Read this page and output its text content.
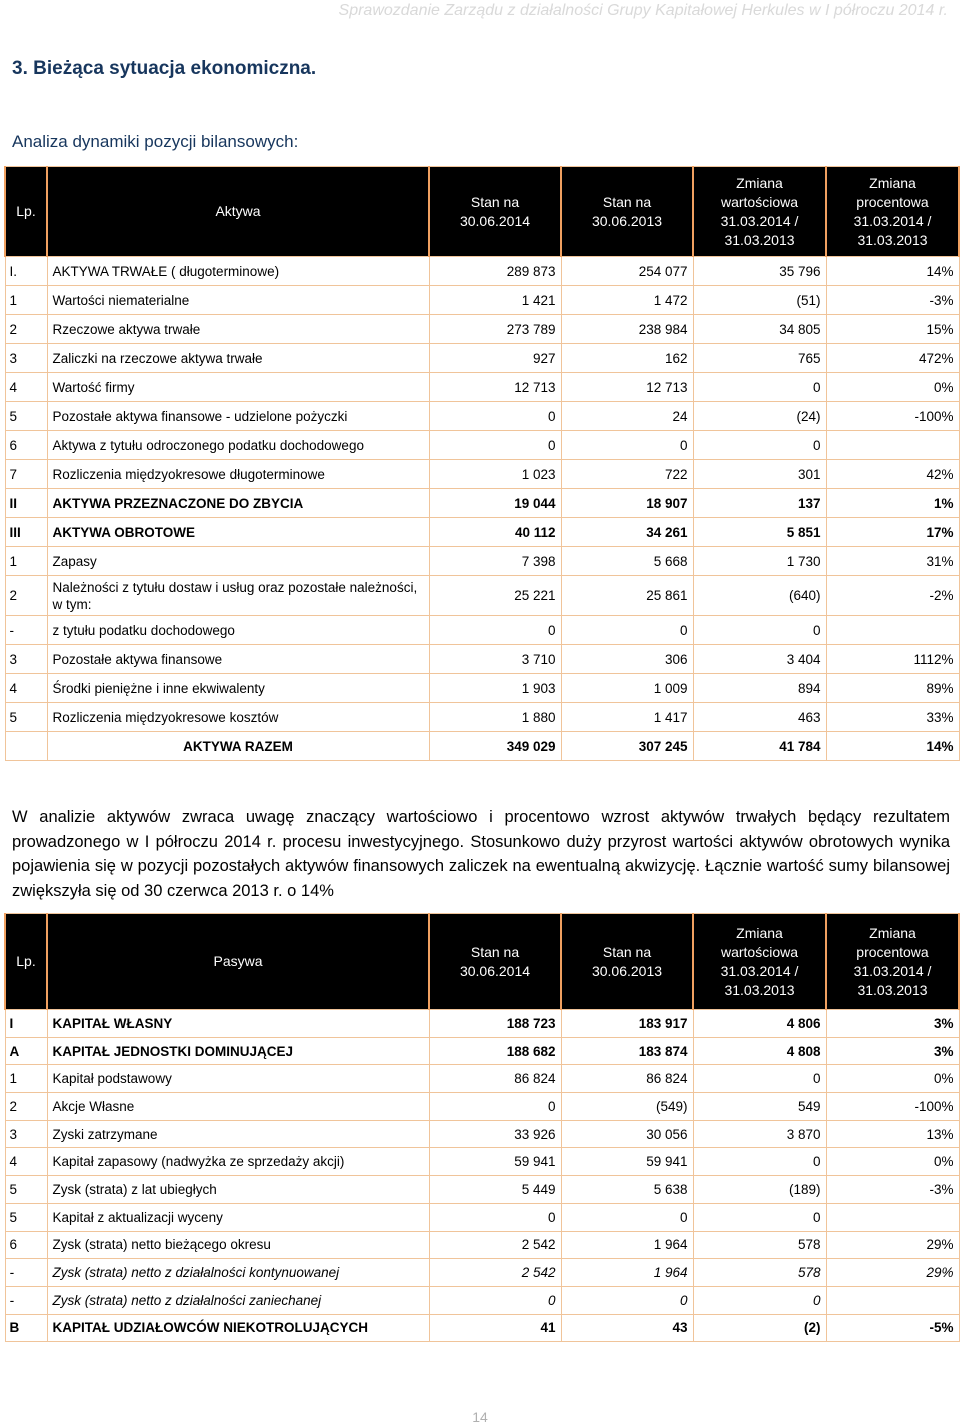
Sprawozdanie Zarządu z działalności Grupy Kapitałowej Herkules w I półroczu 2014 r.
3. Bieżąca sytuacja ekonomiczna.
Analiza dynamiki pozycji bilansowych:
Lp.	Aktywa	Stan na 30.06.2014	Stan na 30.06.2013	Zmiana wartościowa 31.03.2014 / 31.03.2013	Zmiana procentowa 31.03.2014 / 31.03.2013
I.	AKTYWA TRWAŁE ( długoterminowe)	289 873	254 077	35 796	14%
1	Wartości niematerialne	1 421	1 472	(51)	-3%
2	Rzeczowe aktywa trwałe	273 789	238 984	34 805	15%
3	Zaliczki na rzeczowe aktywa trwałe	927	162	765	472%
4	Wartość firmy	12 713	12 713	0	0%
5	Pozostałe aktywa finansowe - udzielone pożyczki	0	24	(24)	-100%
6	Aktywa z tytułu odroczonego podatku dochodowego	0	0	0	
7	Rozliczenia międzyokresowe długoterminowe	1 023	722	301	42%
II	AKTYWA PRZEZNACZONE DO ZBYCIA	19 044	18 907	137	1%
III	AKTYWA OBROTOWE	40 112	34 261	5 851	17%
1	Zapasy	7 398	5 668	1 730	31%
2	Należności z tytułu dostaw i usług oraz pozostałe należności, w tym:	25 221	25 861	(640)	-2%
-	z tytułu podatku dochodowego	0	0	0	
3	Pozostałe aktywa finansowe	3 710	306	3 404	1112%
4	Środki pieniężne i inne ekwiwalenty	1 903	1 009	894	89%
5	Rozliczenia międzyokresowe kosztów	1 880	1 417	463	33%
	AKTYWA RAZEM	349 029	307 245	41 784	14%
W analizie aktywów zwraca uwagę znaczący wartościowo i procentowo wzrost aktywów trwałych będący rezultatem prowadzonego w I półroczu 2014 r. procesu inwestycyjnego. Stosunkowo duży przyrost wartości aktywów obrotowych wynika pojawienia się w pozycji pozostałych aktywów finansowych zaliczek na ewentualną akwizycję. Łącznie wartość sumy bilansowej zwiększyła się od 30 czerwca 2013 r. o 14%
Lp.	Pasywa	Stan na 30.06.2014	Stan na 30.06.2013	Zmiana wartościowa 31.03.2014 / 31.03.2013	Zmiana procentowa 31.03.2014 / 31.03.2013
I	KAPITAŁ WŁASNY	188 723	183 917	4 806	3%
A	KAPITAŁ JEDNOSTKI DOMINUJĄCEJ	188 682	183 874	4 808	3%
1	Kapitał podstawowy	86 824	86 824	0	0%
2	Akcje Własne	0	(549)	549	-100%
3	Zyski zatrzymane	33 926	30 056	3 870	13%
4	Kapitał zapasowy (nadwyżka ze sprzedaży akcji)	59 941	59 941	0	0%
5	Zysk (strata) z lat ubiegłych	5 449	5 638	(189)	-3%
5	Kapitał z aktualizacji wyceny	0	0	0	
6	Zysk (strata) netto bieżącego okresu	2 542	1 964	578	29%
-	Zysk (strata) netto z działalności kontynuowanej	2 542	1 964	578	29%
-	Zysk (strata) netto z działalności zaniechanej	0	0	0	
B	KAPITAŁ UDZIAŁOWCÓW NIEKOTROLUJĄCYCH	41	43	(2)	-5%
14
